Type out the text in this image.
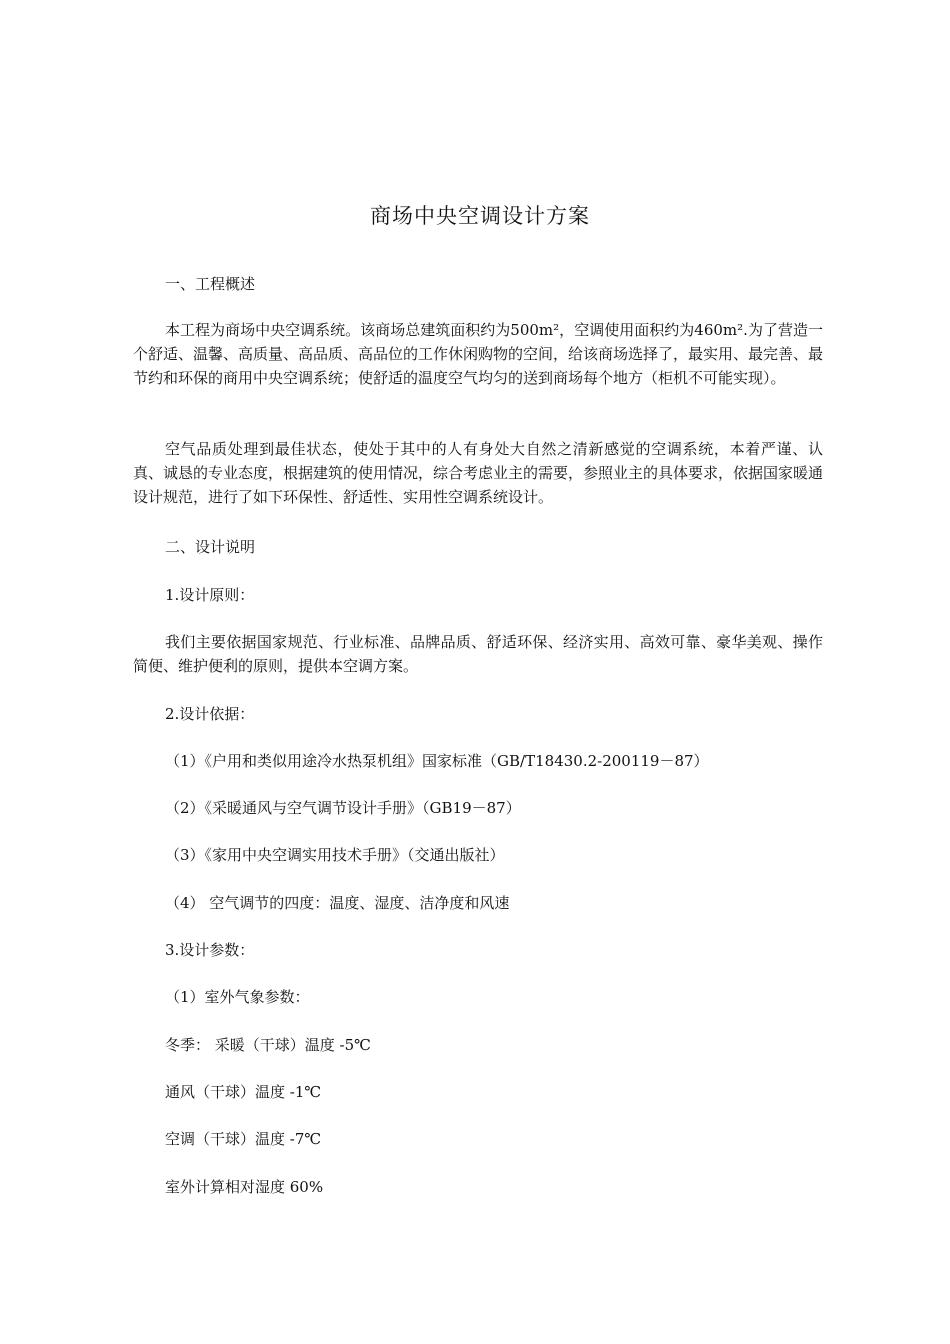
商场中央空调设计方案
一、工程概述

本工程为商场中央空调系统。该商场总建筑面积约为500m²，空调使用面积约为460m².为了营造一个舒适、温馨、高质量、高品质、高品位的工作休闲购物的空间，给该商场选择了，最实用、最完善、最节约和环保的商用中央空调系统；使舒适的温度空气均匀的送到商场每个地方（柜机不可能实现）。

空气品质处理到最佳状态，使处于其中的人有身处大自然之清新感觉的空调系统，本着严谨、认真、诚恳的专业态度，根据建筑的使用情况，综合考虑业主的需要，参照业主的具体要求，依据国家暖通设计规范，进行了如下环保性、舒适性、实用性空调系统设计。

二、设计说明
1.设计原则：

我们主要依据国家规范、行业标准、品牌品质、舒适环保、经济实用、高效可靠、豪华美观、操作简便、维护便利的原则，提供本空调方案。

2.设计依据：
（1）《户用和类似用途冷水热泵机组》国家标准（GB/T18430.2-200119－87）
（2）《采暖通风与空气调节设计手册》（GB19－87）
（3）《家用中央空调实用技术手册》（交通出版社）
（4） 空气调节的四度：温度、湿度、洁净度和风速
3.设计参数：
（1）室外气象参数：
冬季： 采暖（干球）温度 -5℃
通风（干球）温度 -1℃
空调（干球）温度 -7℃
室外计算相对湿度 60%
